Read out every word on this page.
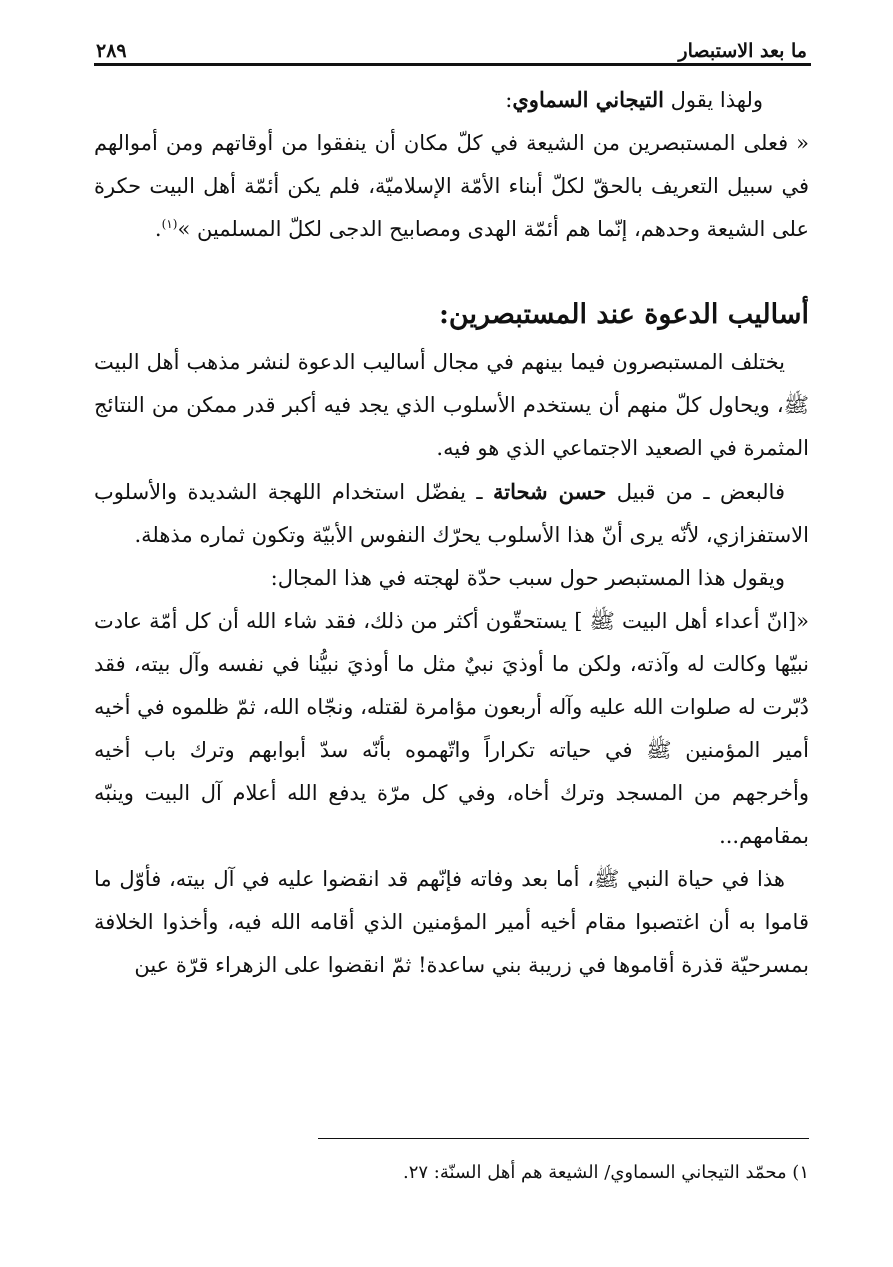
ما بعد الاستبصار
٢٨٩

ولهذا يقول التيجاني السماوي:

« فعلى المستبصرين من الشيعة في كلّ مكان أن ينفقوا من أوقاتهم ومن أموالهم في سبيل التعريف بالحقّ لكلّ أبناء الأمّة الإسلاميّة، فلم يكن أئمّة أهل البيت حكرة على الشيعة وحدهم، إنّما هم أئمّة الهدى ومصابيح الدجى لكلّ المسلمين »$^{(١)}$.

أساليب الدعوة عند المستبصرين:

يختلف المستبصرون فيما بينهم في مجال أساليب الدعوة لنشر مذهب أهل البيت ﷺ، ويحاول كلّ منهم أن يستخدم الأسلوب الذي يجد فيه أكبر قدر ممكن من النتائج المثمرة في الصعيد الاجتماعي الذي هو فيه.

فالبعض ـ من قبيل حسن شحاتة ـ يفضّل استخدام اللهجة الشديدة والأسلوب الاستفزازي، لأنّه يرى أنّ هذا الأسلوب يحرّك النفوس الأبيّة وتكون ثماره مذهلة.

ويقول هذا المستبصر حول سبب حدّة لهجته في هذا المجال:

«[انّ أعداء أهل البيت ﷺ ] يستحقّون أكثر من ذلك، فقد شاء الله أن كل أمّة عادت نبيّها وكالت له وآذته، ولكن ما أوذيَ نبيٌ مثل ما أوذيَ نبيُّنا في نفسه وآل بيته، فقد دُبّرت له صلوات الله عليه وآله أربعون مؤامرة لقتله، ونجّاه الله، ثمّ ظلموه في أخيه أمير المؤمنين ﷺ في حياته تكراراً واتّهموه بأنّه سدّ أبوابهم وترك باب أخيه وأخرجهم من المسجد وترك أخاه، وفي كل مرّة يدفع الله أعلام آل البيت وينبّه بمقامهم...

هذا في حياة النبي ﷺ، أما بعد وفاته فإنّهم قد انقضوا عليه في آل بيته، فأوّل ما قاموا به أن اغتصبوا مقام أخيه أمير المؤمنين الذي أقامه الله فيه، وأخذوا الخلافة بمسرحيّة قذرة أقاموها في زريبة بني ساعدة! ثمّ انقضوا على الزهراء قرّة عين

١) محمّد التيجاني السماوي/ الشيعة هم أهل السنّة: ٢٧.
